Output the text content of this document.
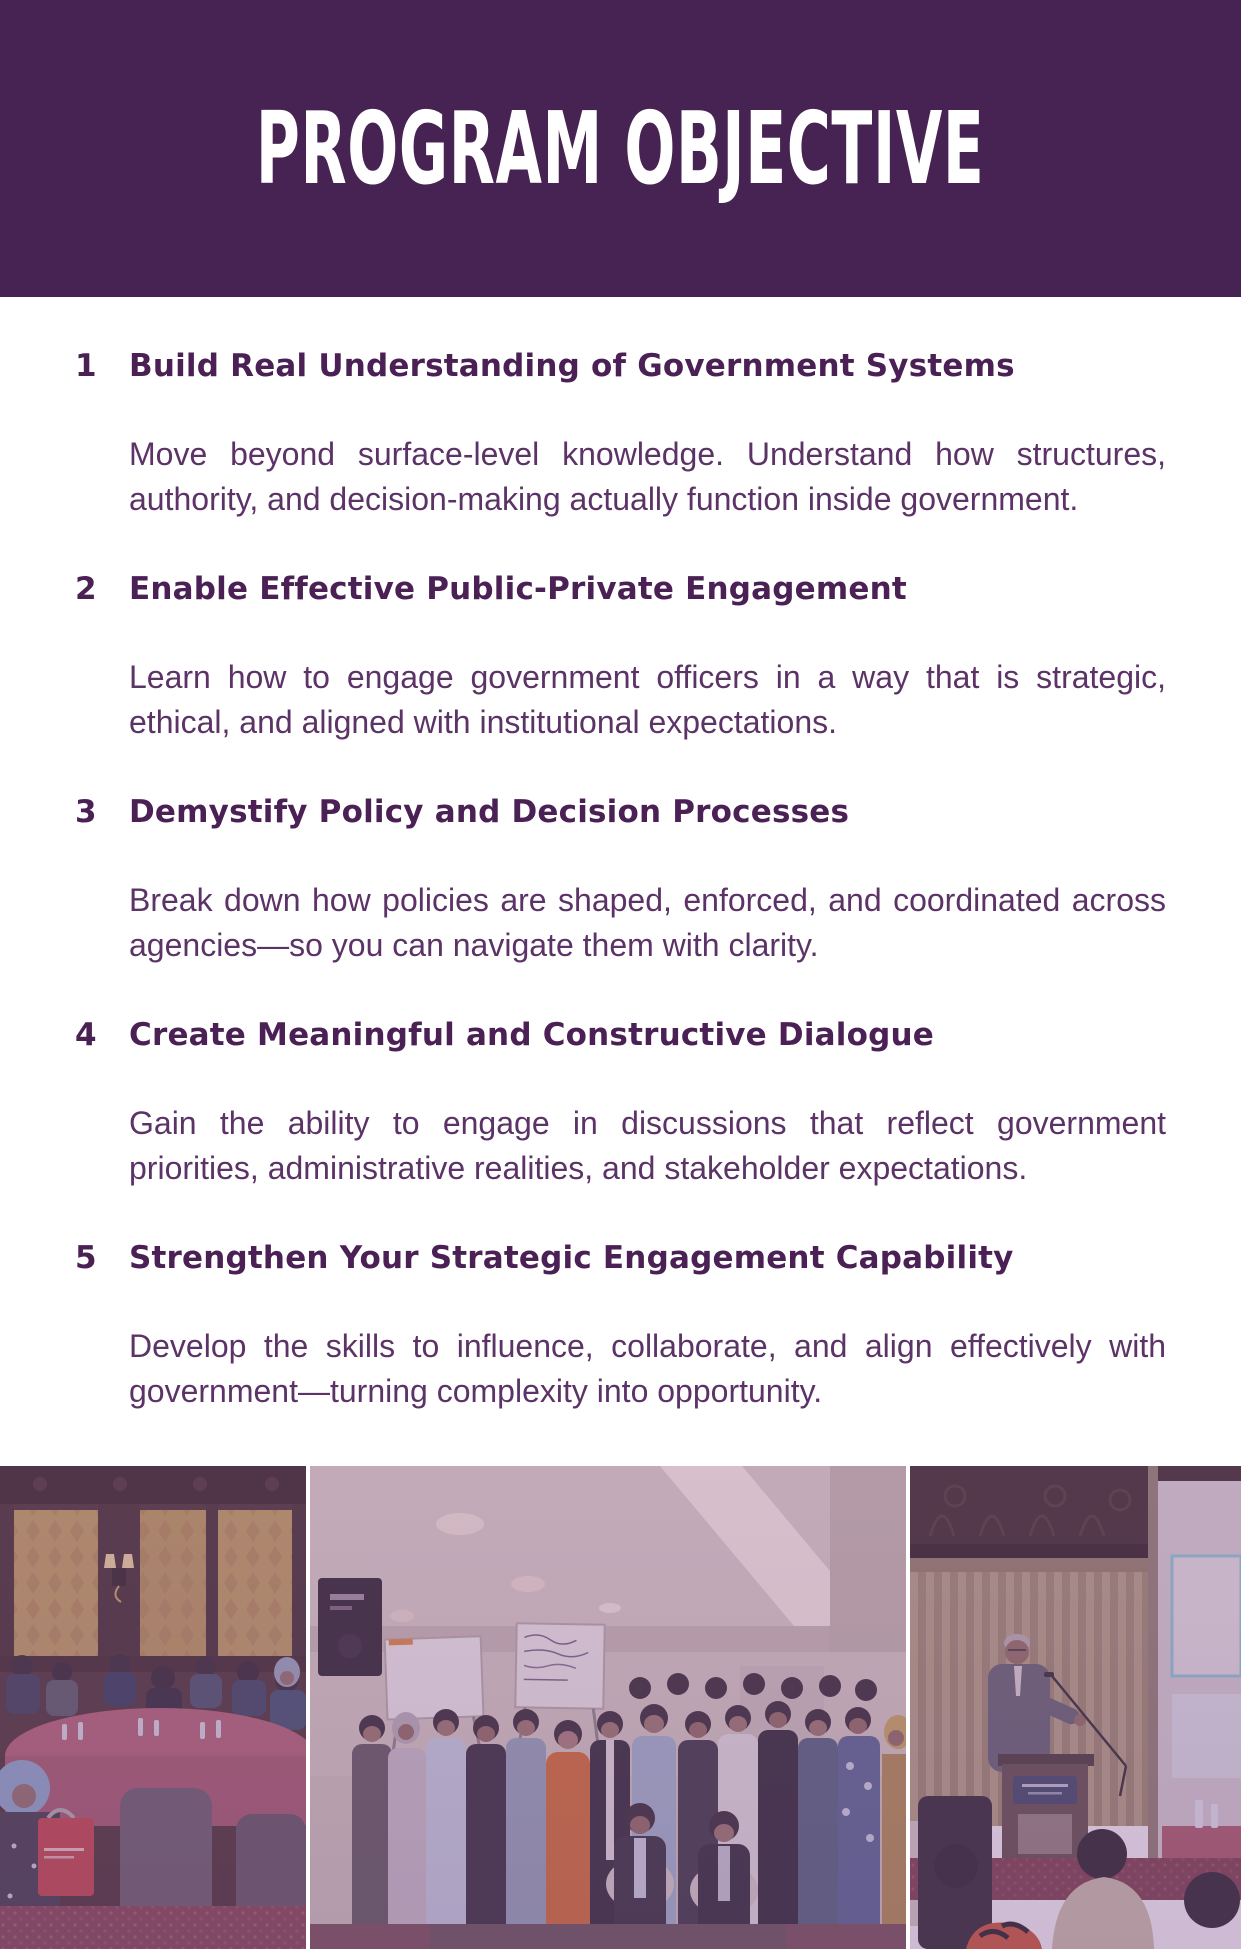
PROGRAM OBJECTIVE
1	Build Real Understanding of Government Systems

Move beyond surface-level knowledge. Understand how structures, authority, and decision-making actually function inside government.

2	Enable Effective Public-Private Engagement

Learn how to engage government officers in a way that is strategic, ethical, and aligned with institutional expectations.

3	Demystify Policy and Decision Processes

Break down how policies are shaped, enforced, and coordinated across agencies—so you can navigate them with clarity.

4	Create Meaningful and Constructive Dialogue

Gain the ability to engage in discussions that reflect government priorities, administrative realities, and stakeholder expectations.

5	Strengthen Your Strategic Engagement Capability

Develop the skills to influence, collaborate, and align effectively with government—turning complexity into opportunity.
